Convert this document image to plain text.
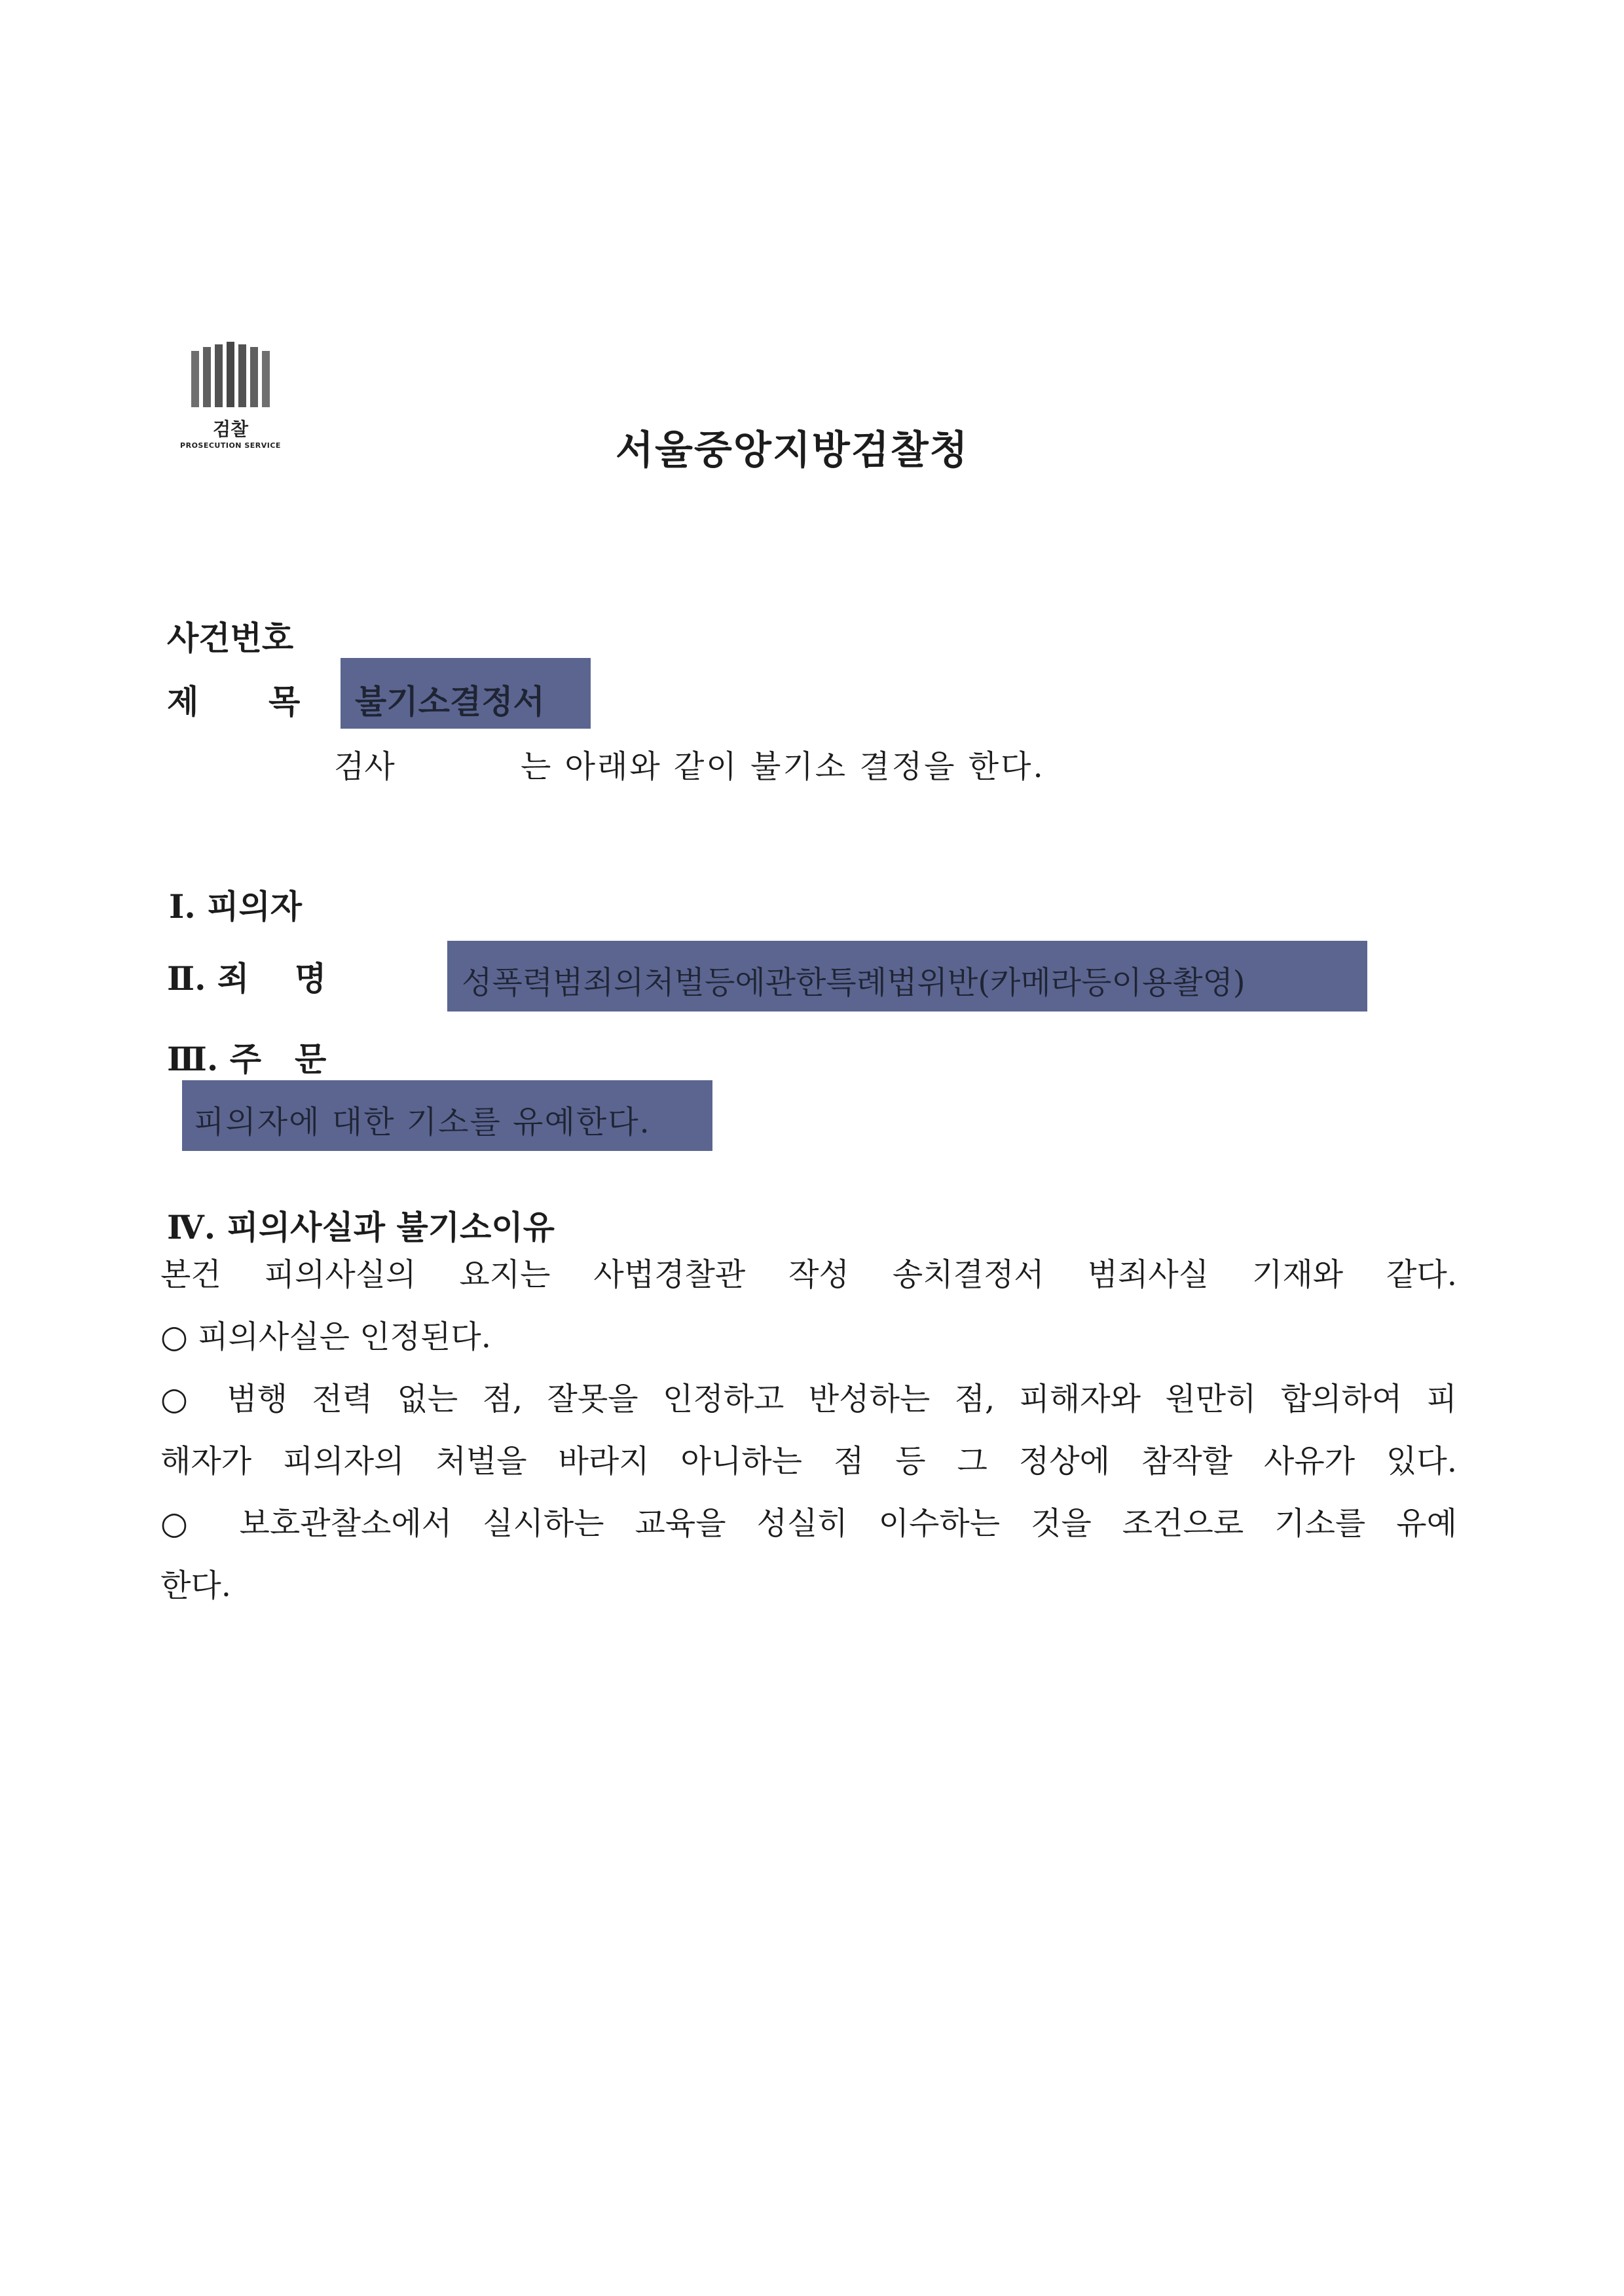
검찰
PROSECUTION SERVICE	서울중앙지방검찰청
사건번호
제 목 불기소결정서
검사	는 아래와 같이 불기소 결정을 한다.
Ⅰ. 피의자
Ⅱ. 죄 명	성폭력범죄의처벌등에관한특례법위반(카메라등이용촬영)
Ⅲ. 주 문
피의자에 대한 기소를 유예한다.
Ⅳ. 피의사실과 불기소이유
본건 피의사실의 요지는 사법경찰관 작성 송치결정서 범죄사실 기재와 같다.
○ 피의사실은 인정된다.
○ 범행 전력 없는 점, 잘못을 인정하고 반성하는 점, 피해자와 원만히 합의하여 피
해자가 피의자의 처벌을 바라지 아니하는 점 등 그 정상에 참작할 사유가 있다.
○ 보호관찰소에서 실시하는 교육을 성실히 이수하는 것을 조건으로 기소를 유예
한다.
